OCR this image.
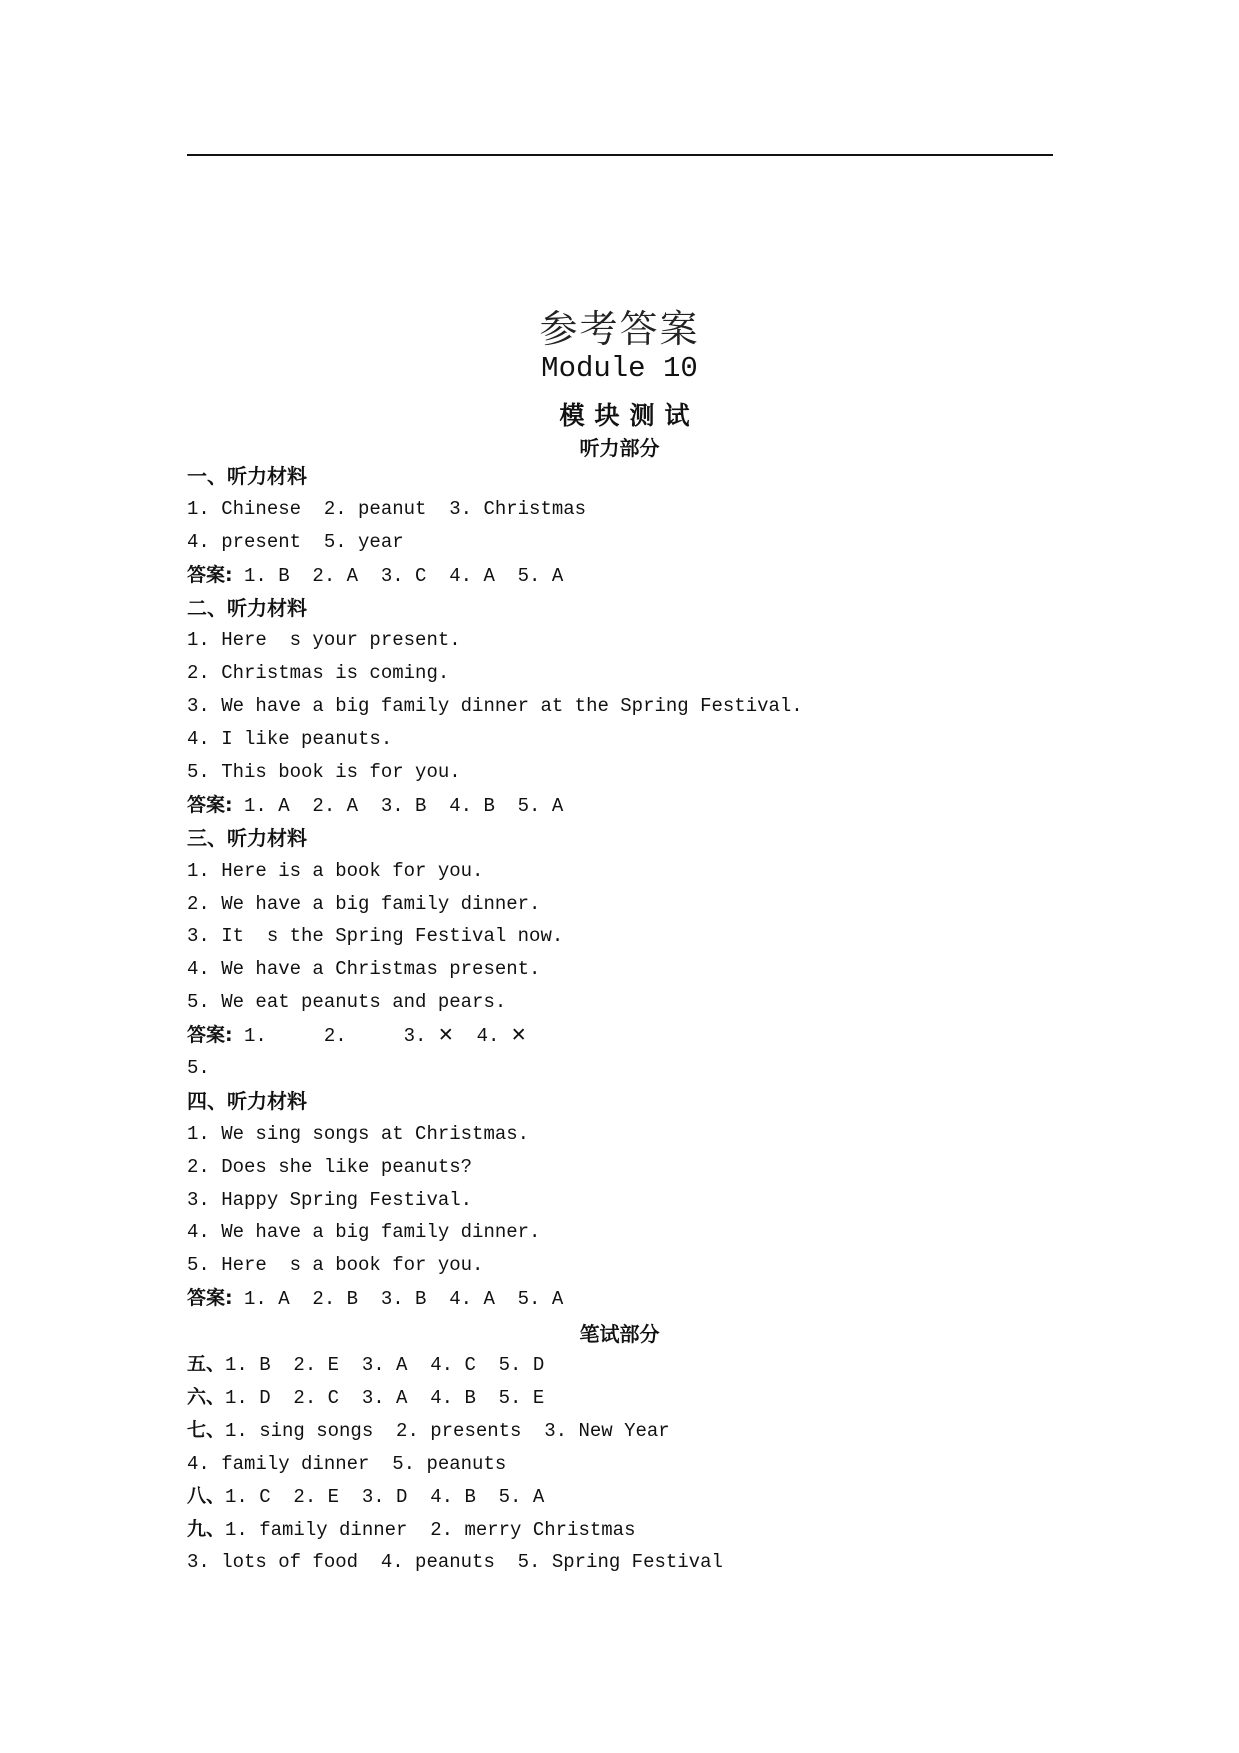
参考答案
Module 10
模块测试
听力部分
一、听力材料
1. Chinese  2. peanut  3. Christmas
4. present  5. year
答案: 1. B  2. A  3. C  4. A  5. A
二、听力材料
1. Here  s your present.
2. Christmas is coming.
3. We have a big family dinner at the Spring Festival.
4. I like peanuts.
5. This book is for you.
答案: 1. A  2. A  3. B  4. B  5. A
三、听力材料
1. Here is a book for you.
2. We have a big family dinner.
3. It  s the Spring Festival now.
4. We have a Christmas present.
5. We eat peanuts and pears.
答案: 1.     2.     3. ✕  4. ✕
5.
四、听力材料
1. We sing songs at Christmas.
2. Does she like peanuts?
3. Happy Spring Festival.
4. We have a big family dinner.
5. Here  s a book for you.
答案: 1. A  2. B  3. B  4. A  5. A
五、1. B  2. E  3. A  4. C  5. D
六、1. D  2. C  3. A  4. B  5. E
七、1. sing songs  2. presents  3. New Year
4. family dinner  5. peanuts
八、1. C  2. E  3. D  4. B  5. A
九、1. family dinner  2. merry Christmas
3. lots of food  4. peanuts  5. Spring Festival
笔试部分
